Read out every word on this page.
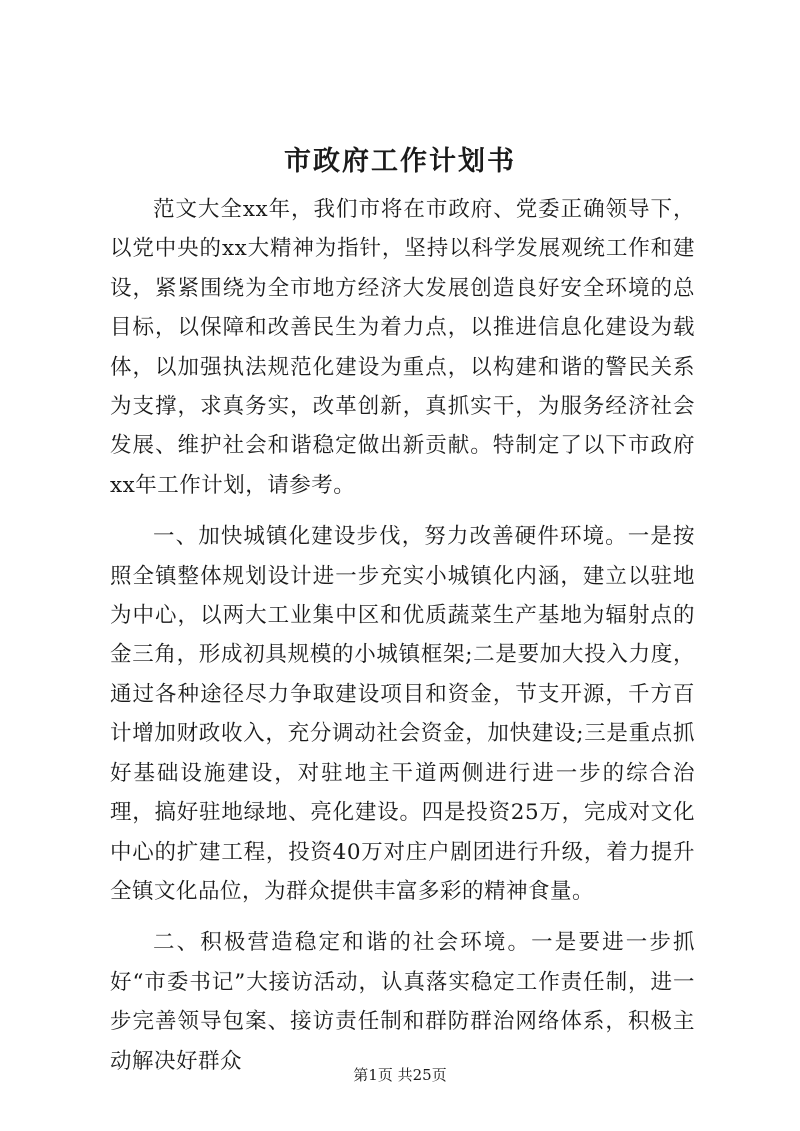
市政府工作计划书

范文大全xx年，我们市将在市政府、党委正确领导下，以党中央的xx大精神为指针，坚持以科学发展观统工作和建设，紧紧围绕为全市地方经济大发展创造良好安全环境的总目标，以保障和改善民生为着力点，以推进信息化建设为载体，以加强执法规范化建设为重点，以构建和谐的警民关系为支撑，求真务实，改革创新，真抓实干，为服务经济社会发展、维护社会和谐稳定做出新贡献。特制定了以下市政府xx年工作计划，请参考。

一、加快城镇化建设步伐，努力改善硬件环境。一是按照全镇整体规划设计进一步充实小城镇化内涵，建立以驻地为中心，以两大工业集中区和优质蔬菜生产基地为辐射点的金三角，形成初具规模的小城镇框架;二是要加大投入力度，通过各种途径尽力争取建设项目和资金，节支开源，千方百计增加财政收入，充分调动社会资金，加快建设;三是重点抓好基础设施建设，对驻地主干道两侧进行进一步的综合治理，搞好驻地绿地、亮化建设。四是投资25万，完成对文化中心的扩建工程，投资40万对庄户剧团进行升级，着力提升全镇文化品位，为群众提供丰富多彩的精神食量。

二、积极营造稳定和谐的社会环境。一是要进一步抓好“市委书记”大接访活动，认真落实稳定工作责任制，进一步完善领导包案、接访责任制和群防群治网络体系，积极主动解决好群众

第1页 共25页
